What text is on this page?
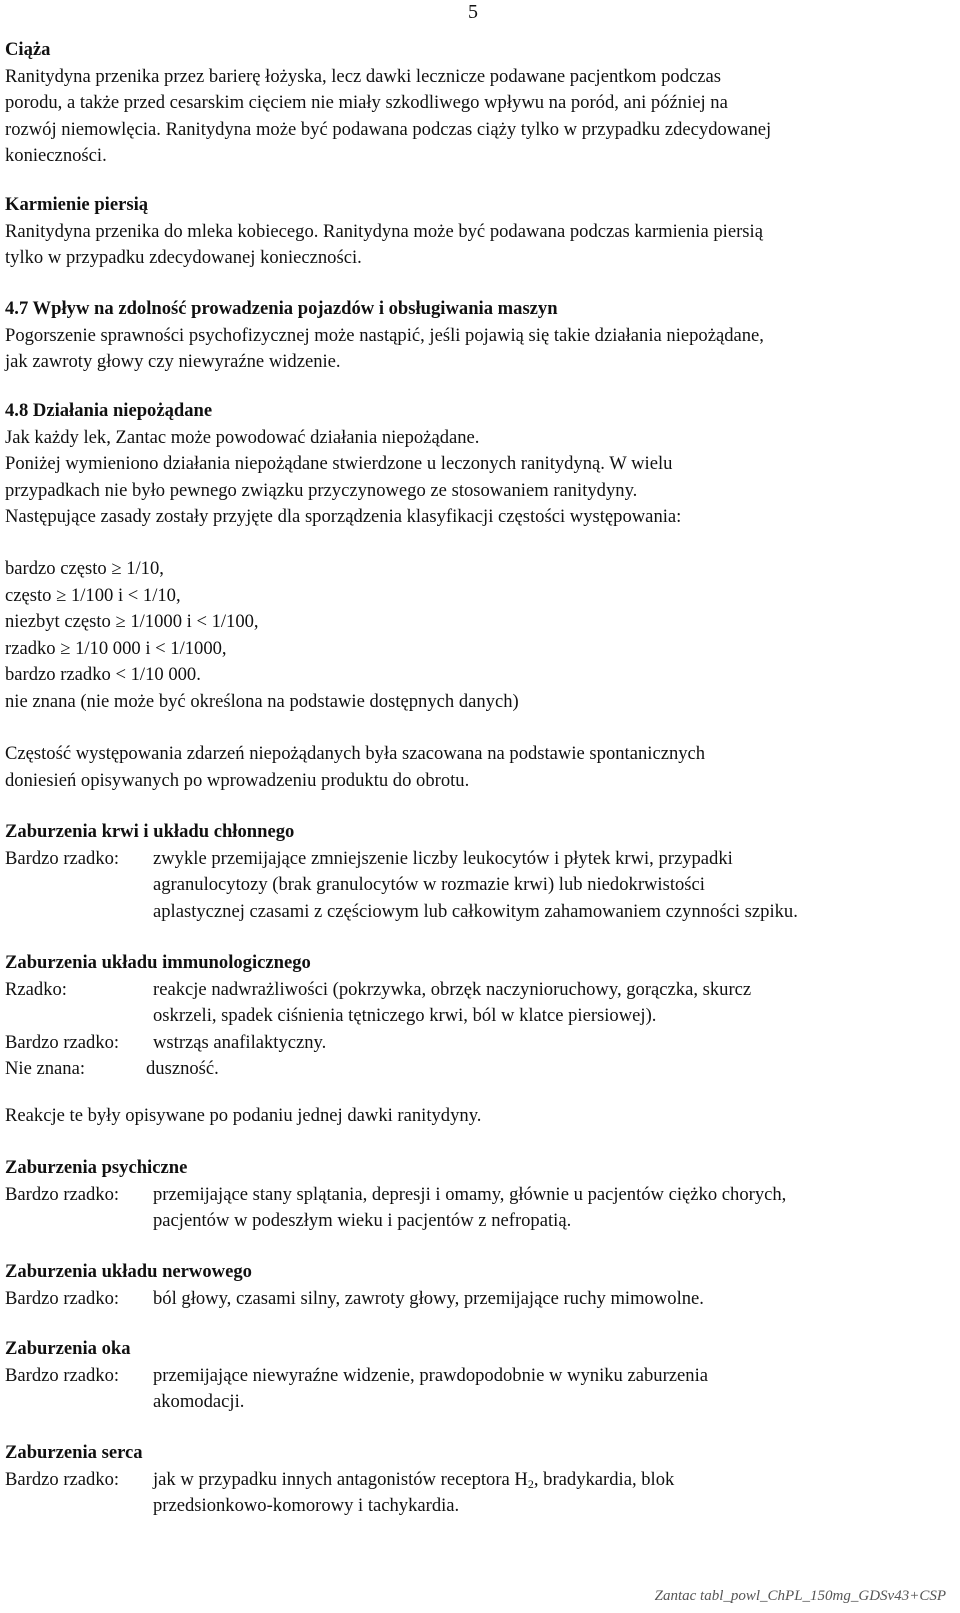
5
Ciąża
Ranitydyna przenika przez barierę łożyska, lecz dawki lecznicze podawane pacjentkom podczas
porodu, a także przed cesarskim cięciem nie miały szkodliwego wpływu na poród, ani później na
rozwój niemowlęcia. Ranitydyna może być podawana podczas ciąży tylko w przypadku zdecydowanej
konieczności.
Karmienie piersią
Ranitydyna przenika do mleka kobiecego. Ranitydyna może być podawana podczas karmienia piersią
tylko w przypadku zdecydowanej konieczności.
4.7 Wpływ na zdolność prowadzenia pojazdów i obsługiwania maszyn
Pogorszenie sprawności psychofizycznej może nastąpić, jeśli pojawią się takie działania niepożądane,
jak zawroty głowy czy niewyraźne widzenie.
4.8 Działania niepożądane
Jak każdy lek, Zantac może powodować działania niepożądane.
Poniżej wymieniono działania niepożądane stwierdzone u leczonych ranitydyną. W wielu
przypadkach nie było pewnego związku przyczynowego ze stosowaniem ranitydyny.
Następujące zasady zostały przyjęte dla sporządzenia klasyfikacji częstości występowania:
bardzo często ≥ 1/10,
często ≥ 1/100 i < 1/10,
niezbyt często ≥ 1/1000 i < 1/100,
rzadko ≥ 1/10 000 i < 1/1000,
bardzo rzadko < 1/10 000.
nie znana (nie może być określona na podstawie dostępnych danych)
Częstość występowania zdarzeń niepożądanych była szacowana na podstawie spontanicznych
doniesień opisywanych po wprowadzeniu produktu do obrotu.
Zaburzenia krwi i układu chłonnego
Bardzo rzadko:	zwykle przemijające zmniejszenie liczby leukocytów i płytek krwi, przypadki
agranulocytozy (brak granulocytów w rozmazie krwi) lub niedokrwistości
aplastycznej czasami z częściowym lub całkowitym zahamowaniem czynności szpiku.
Zaburzenia układu immunologicznego
Rzadko:	reakcje nadwrażliwości (pokrzywka, obrzęk naczynioruchowy, gorączka, skurcz
oskrzeli, spadek ciśnienia tętniczego krwi, ból w klatce piersiowej).
Bardzo rzadko:	wstrząs anafilaktyczny.
Nie znana:	duszność.
Reakcje te były opisywane po podaniu jednej dawki ranitydyny.
Zaburzenia psychiczne
Bardzo rzadko:	przemijające stany splątania, depresji i omamy, głównie u pacjentów ciężko chorych,
pacjentów w podeszłym wieku i pacjentów z nefropatią.
Zaburzenia układu nerwowego
Bardzo rzadko:	ból głowy, czasami silny, zawroty głowy, przemijające ruchy mimowolne.
Zaburzenia oka
Bardzo rzadko:	przemijające niewyraźne widzenie, prawdopodobnie w wyniku zaburzenia
akomodacji.
Zaburzenia serca
Bardzo rzadko:	jak w przypadku innych antagonistów receptora $H_2$, bradykardia, blok
przedsionkowo-komorowy i tachykardia.
Zantac tabl_powl_ChPL_150mg_GDSv43+CSP
